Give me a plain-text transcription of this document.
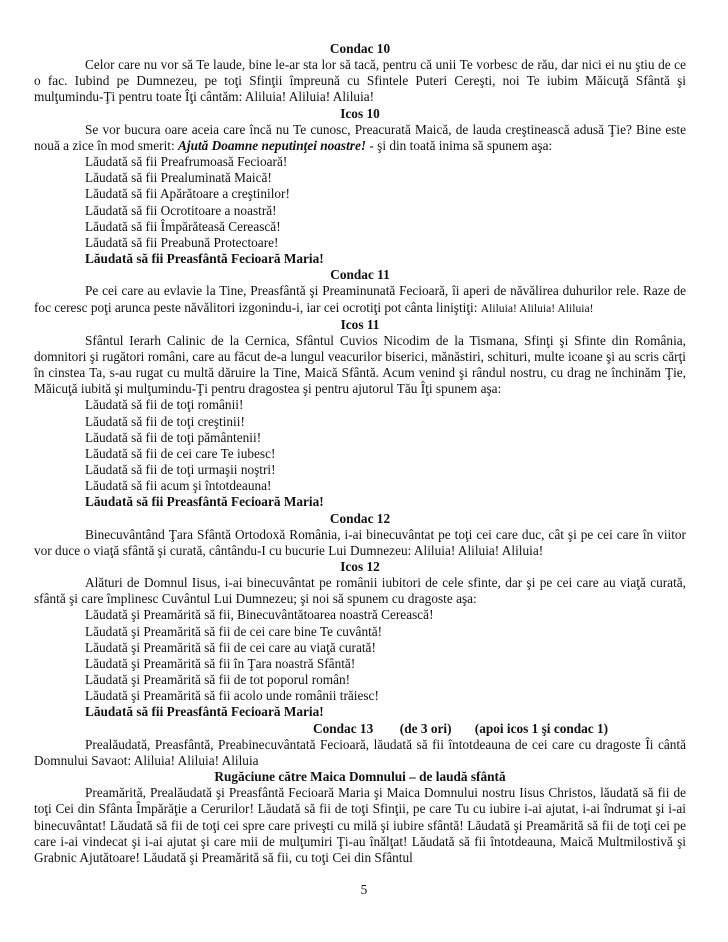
Condac 10

Celor care nu vor să Te laude, bine le-ar sta lor să tacă, pentru că unii Te vorbesc de rău, dar nici ei nu ştiu de ce o fac. Iubind pe Dumnezeu, pe toţi Sfinţii împreună cu Sfintele Puteri Cereşti, noi Te iubim Măicuţă Sfântă şi mulţumindu-Ţi pentru toate Îţi cântăm: Aliluia! Aliluia! Aliluia!

Icos 10

Se vor bucura oare aceia care încă nu Te cunosc, Preacurată Maică, de lauda creştinească adusă Ţie? Bine este nouă a zice în mod smerit: Ajută Doamne neputinţei noastre! - şi din toată inima să spunem aşa:

Lăudată să fii Preafrumoasă Fecioară!

Lăudată să fii Prealuminată Maică!

Lăudată să fii Apărătoare a creştinilor!

Lăudată să fii Ocrotitoare a noastră!

Lăudată să fii Împărăteasă Cerească!

Lăudată să fii Preabună Protectoare!

Lăudată să fii Preasfântă Fecioară Maria!

Condac 11

Pe cei care au evlavie la Tine, Preasfântă şi Preaminunată Fecioară, îi aperi de năvălirea duhurilor rele. Raze de foc ceresc poţi arunca peste năvălitori izgonindu-i, iar cei ocrotiţi pot cânta liniştiţi: Aliluia! Aliluia! Aliluia!

Icos 11

Sfântul Ierarh Calinic de la Cernica, Sfântul Cuvios Nicodim de la Tismana, Sfinţi şi Sfinte din România, domnitori şi rugători români, care au făcut de-a lungul veacurilor biserici, mănăstiri, schituri, multe icoane şi au scris cărţi în cinstea Ta, s-au rugat cu multă dăruire la Tine, Maică Sfântă. Acum venind şi rândul nostru, cu drag ne închinăm Ţie, Măicuţă iubită şi mulţumindu-Ţi pentru dragostea şi pentru ajutorul Tău Îţi spunem aşa:

Lăudată să fii de toţi românii!

Lăudată să fii de toţi creştinii!

Lăudată să fii de toţi pământenii!

Lăudată să fii de cei care Te iubesc!

Lăudată să fii de toţi urmaşii noştri!

Lăudată să fii acum şi întotdeauna!

Lăudată să fii Preasfântă Fecioară Maria!

Condac 12

Binecuvântând Ţara Sfântă Ortodoxă România, i-ai binecuvântat pe toţi cei care duc, cât şi pe cei care în viitor vor duce o viaţă sfântă şi curată, cântându-I cu bucurie Lui Dumnezeu: Aliluia! Aliluia! Aliluia!

Icos 12

Alături de Domnul Iisus, i-ai binecuvântat pe românii iubitori de cele sfinte, dar şi pe cei care au viaţă curată, sfântă şi care împlinesc Cuvântul Lui Dumnezeu; şi noi să spunem cu dragoste aşa:

Lăudată şi Preamărită să fii, Binecuvântătoarea noastră Cerească!

Lăudată şi Preamărită să fii de cei care bine Te cuvântă!

Lăudată şi Preamărită să fii de cei care au viaţă curată!

Lăudată şi Preamărită să fii în Ţara noastră Sfântă!

Lăudată şi Preamărită să fii de tot poporul român!

Lăudată şi Preamărită să fii acolo unde românii trăiesc!

Lăudată să fii Preasfântă Fecioară Maria!

Condac 13        (de 3 ori)       (apoi icos 1 şi condac 1)

Prealăudată, Preasfântă, Preabinecuvântată Fecioară, lăudată să fii întotdeauna de cei care cu dragoste Îi cântă Domnului Savaot: Aliluia! Aliluia! Aliluia

Rugăciune către Maica Domnului – de laudă sfântă

Preamărită, Prealăudată şi Preasfântă Fecioară Maria şi Maica Domnului nostru Iisus Christos, lăudată să fii de toţi Cei din Sfânta Împărăţie a Cerurilor! Lăudată să fii de toţi Sfinţii, pe care Tu cu iubire i-ai ajutat, i-ai îndrumat şi i-ai binecuvântat! Lăudată să fii de toţi cei spre care priveşti cu milă şi iubire sfântă! Lăudată şi Preamărită să fii de toţi cei pe care i-ai vindecat şi i-ai ajutat şi care mii de mulţumiri Ţi-au înălţat! Lăudată să fii întotdeauna, Maică Multmilostivă şi Grabnic Ajutătoare! Lăudată şi Preamărită să fii, cu toţi Cei din Sfântul

5
